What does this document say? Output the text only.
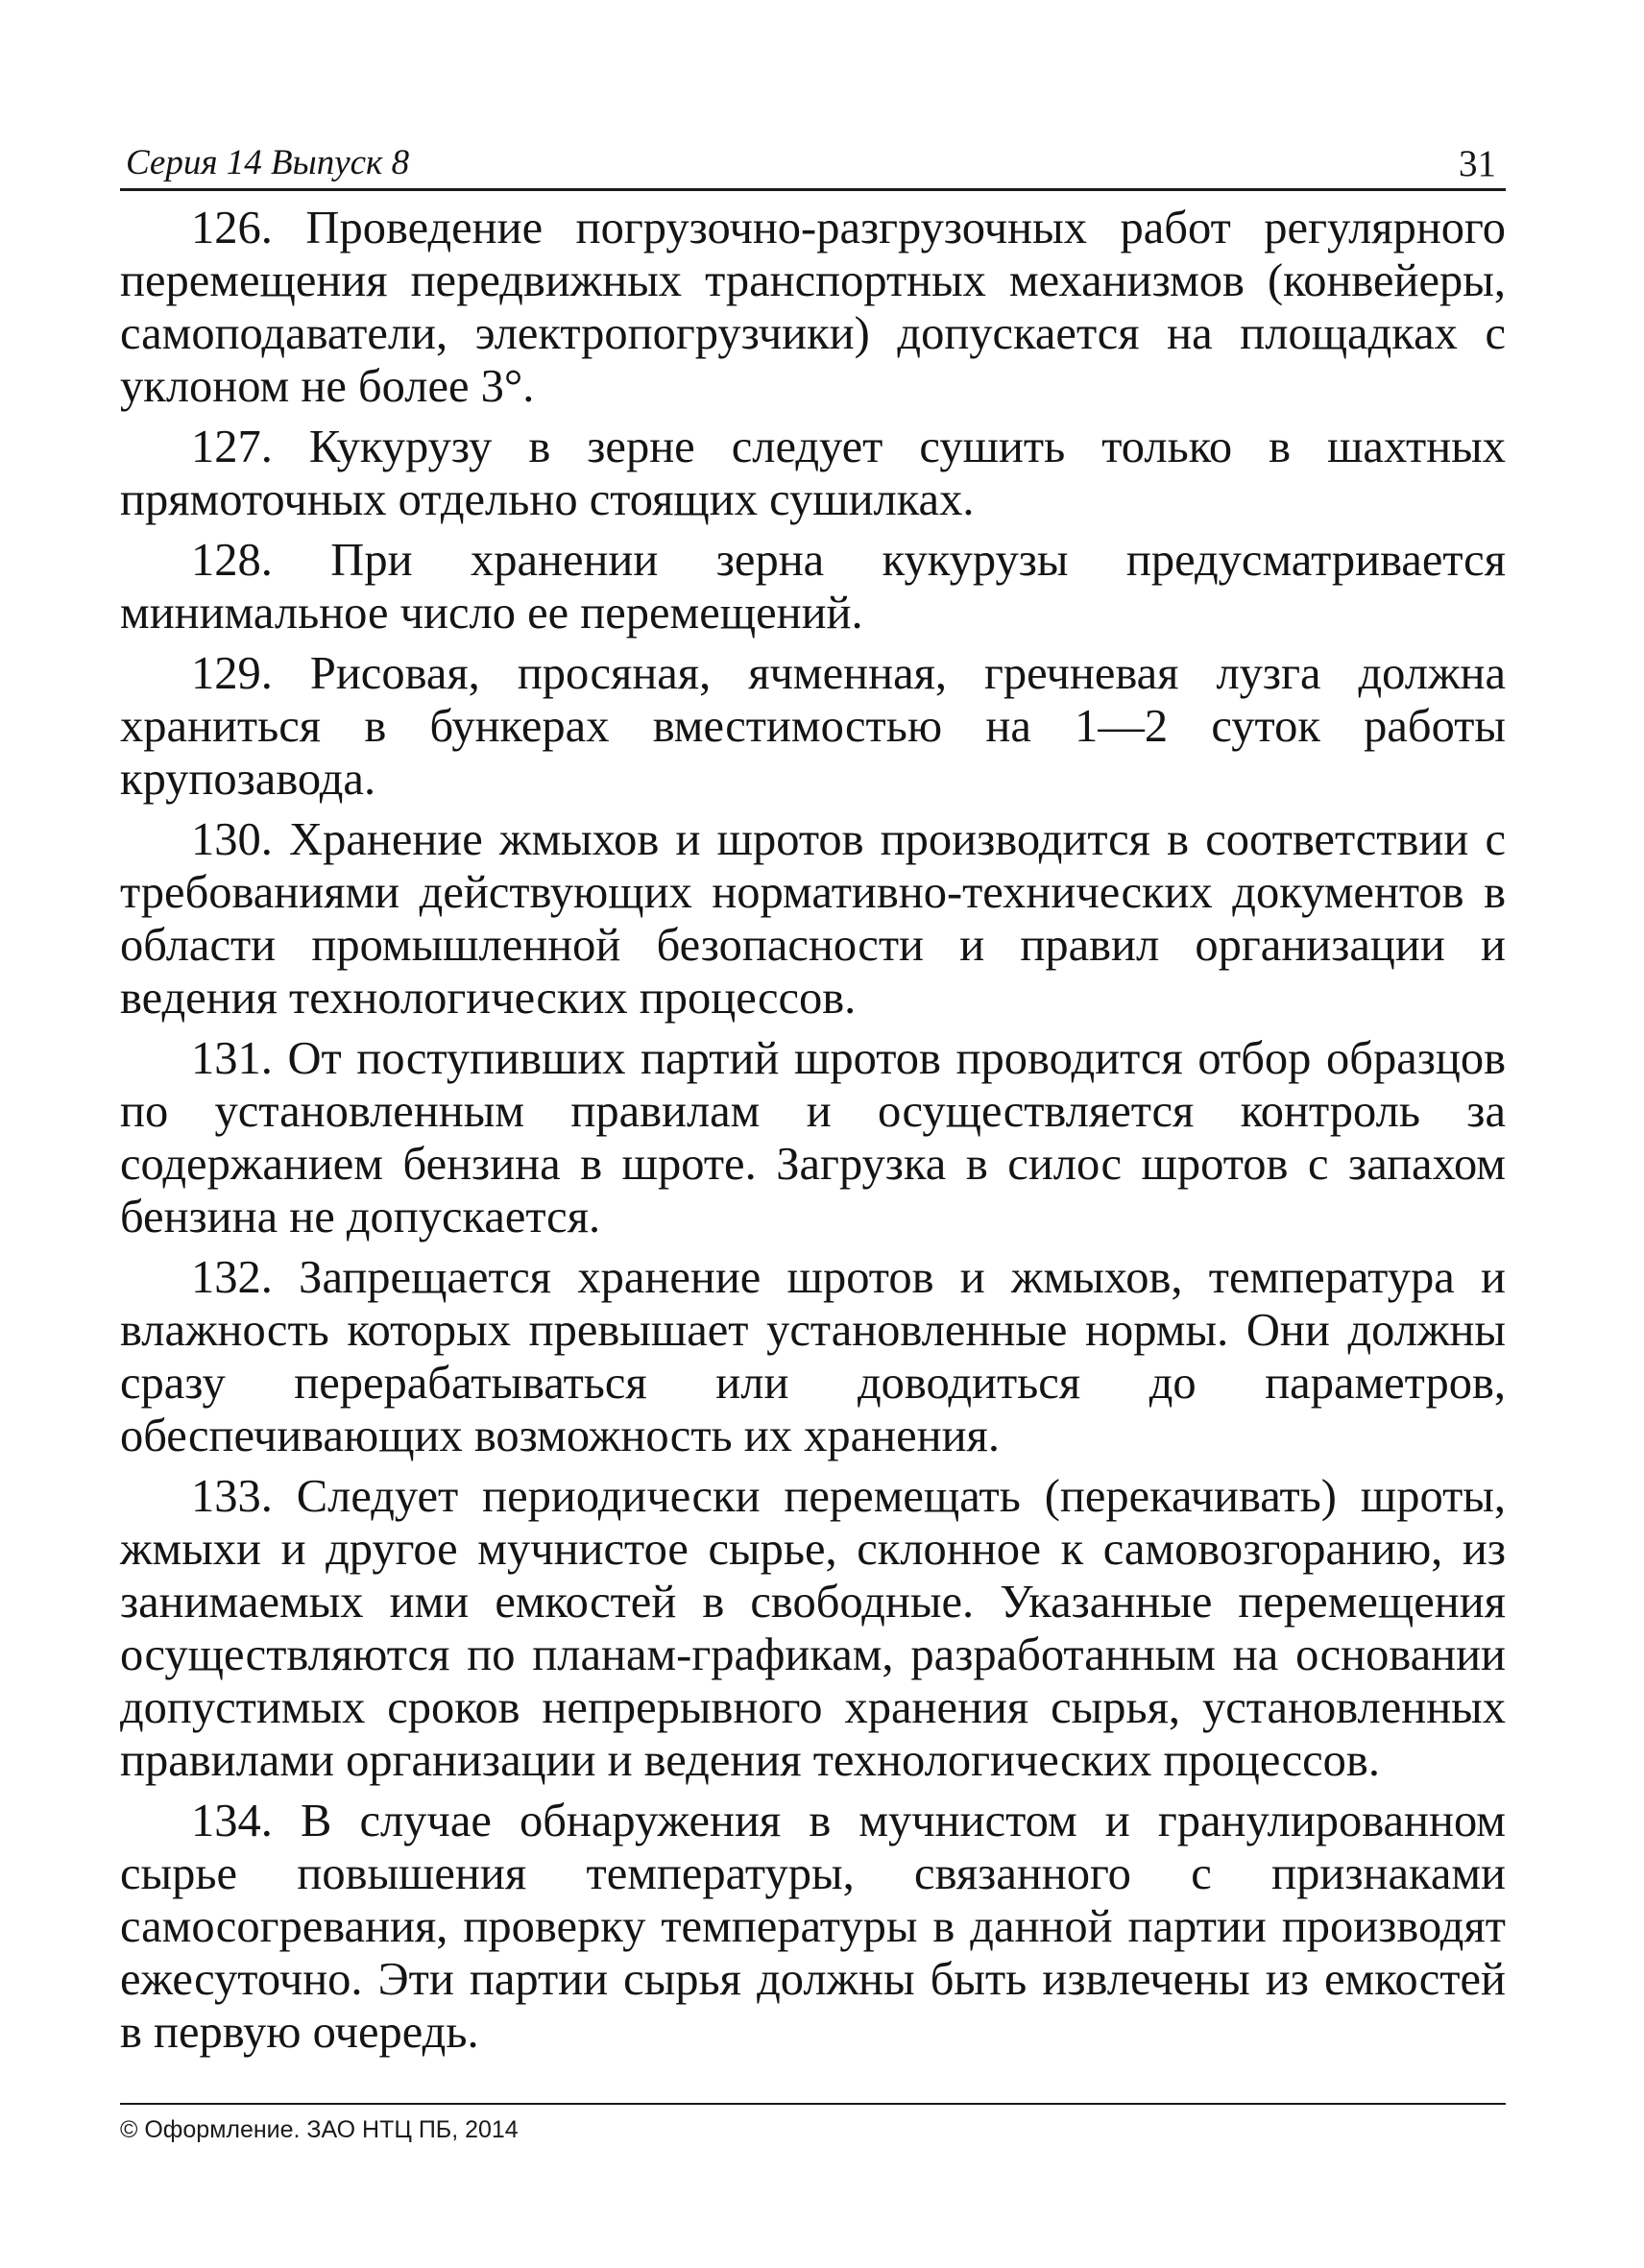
Серия 14 Выпуск 8	31

126. Проведение погрузочно-разгрузочных работ регулярного перемещения передвижных транспортных механизмов (конвейеры, самоподаватели, электропогрузчики) допускается на площадках с уклоном не более 3°.

127. Кукурузу в зерне следует сушить только в шахтных прямоточных отдельно стоящих сушилках.

128. При хранении зерна кукурузы предусматривается минимальное число ее перемещений.

129. Рисовая, просяная, ячменная, гречневая лузга должна храниться в бункерах вместимостью на 1—2 суток работы крупозавода.

130. Хранение жмыхов и шротов производится в соответствии с требованиями действующих нормативно-технических документов в области промышленной безопасности и правил организации и ведения технологических процессов.

131. От поступивших партий шротов проводится отбор образцов по установленным правилам и осуществляется контроль за содержанием бензина в шроте. Загрузка в силос шротов с запахом бензина не допускается.

132. Запрещается хранение шротов и жмыхов, температура и влажность которых превышает установленные нормы. Они должны сразу перерабатываться или доводиться до параметров, обеспечивающих возможность их хранения.

133. Следует периодически перемещать (перекачивать) шроты, жмыхи и другое мучнистое сырье, склонное к самовозгоранию, из занимаемых ими емкостей в свободные. Указанные перемещения осуществляются по планам-графикам, разработанным на основании допустимых сроков непрерывного хранения сырья, установленных правилами организации и ведения технологических процессов.

134. В случае обнаружения в мучнистом и гранулированном сырье повышения температуры, связанного с признаками самосогревания, проверку температуры в данной партии производят ежесуточно. Эти партии сырья должны быть извлечены из емкостей в первую очередь.

© Оформление. ЗАО НТЦ ПБ, 2014
